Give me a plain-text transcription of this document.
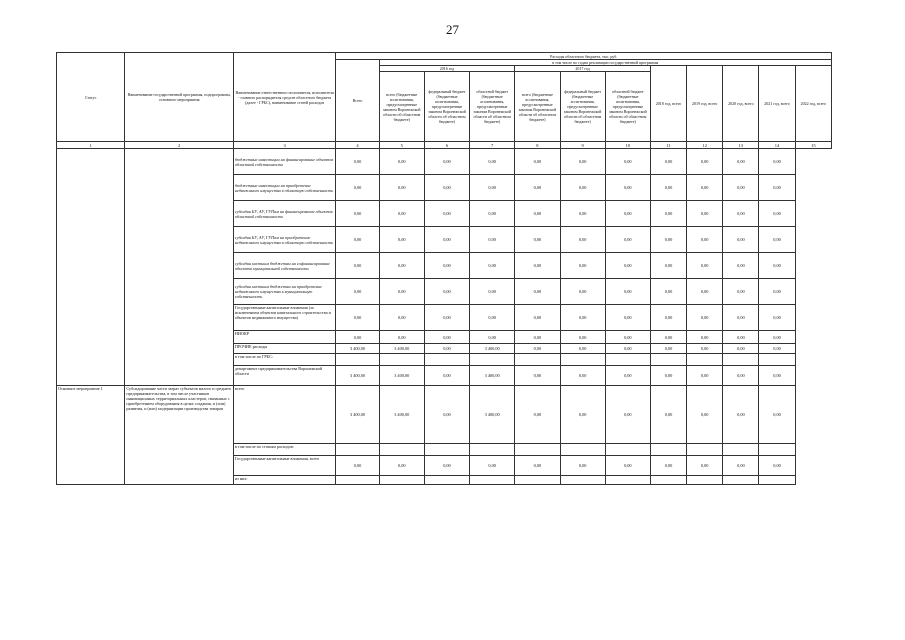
27
Статус	Наименование государственной программы, подпрограммы, основного мероприятия	Наименование ответственного исполнителя, исполнителя - главного распорядителя средств областного бюджета (далее - ГРБС), наименование статей расходов	Расходы областного бюджета, тыс. руб.											
			Всего	в том числе по годам реализации государственной программы										
				2016 год			2017 год			2018 год, всего	2019 год, всего	2020 год, всего	2021 год, всего	2022 год, всего
				всего (бюджетные ассигнования, предусмотренные законом Воронежской области об областном бюджете)	федеральный бюджет (бюджетные ассигнования, предусмотренные законом Воронежской области об областном бюджете)	областной бюджет (бюджетные ассигнования, предусмотренные законом Воронежской области об областном бюджете)	всего (бюджетные ассигнования, предусмотренные законом Воронежской области об областном бюджете)	федеральный бюджет (бюджетные ассигнования, предусмотренные законом Воронежской области об областном бюджете)	областной бюджет (бюджетные ассигнования, предусмотренные законом Воронежской области об областном бюджете)					
1	2	3	4	5	6	7	8	9	10	11	12	13	14	15
		бюджетные инвестиции на финансирование объектов областной собственности	0,00	0,00	0,00	0,00	0,00	0,00	0,00	0,00	0,00	0,00	0,00	
		бюджетные инвестиции на приобретение недвижимого имущества в областную собственность	0,00	0,00	0,00	0,00	0,00	0,00	0,00	0,00	0,00	0,00	0,00	
		субсидии БУ, АУ, ГУПам на финансирование объектов областной собственности	0,00	0,00	0,00	0,00	0,00	0,00	0,00	0,00	0,00	0,00	0,00	
		субсидии БУ, АУ, ГУПам на приобретение недвижимого имущества в областную собственность	0,00	0,00	0,00	0,00	0,00	0,00	0,00	0,00	0,00	0,00	0,00	
		субсидии местным бюджетам на софинансирование объектов муниципальной собственности	0,00	0,00	0,00	0,00	0,00	0,00	0,00	0,00	0,00	0,00	0,00	
		субсидии местным бюджетам на приобретение недвижимого имущества в муниципальную собственность	0,00	0,00	0,00	0,00	0,00	0,00	0,00	0,00	0,00	0,00	0,00	
		Государственные капитальные вложения (за исключением объектов капитального строительства и объектов недвижимого имущества)	0,00	0,00	0,00	0,00	0,00	0,00	0,00	0,00	0,00	0,00	0,00	
		НИОКР	0,00	0,00	0,00	0,00	0,00	0,00	0,00	0,00	0,00	0,00	0,00	
		ПРОЧИЕ расходы	3 400,00	3 400,00	0,00	3 400,00	0,00	0,00	0,00	0,00	0,00	0,00	0,00	
		в том числе по ГРБС:												
		департамент предпринимательства Воронежской области	3 400,00	3 400,00	0,00	3 400,00	0,00	0,00	0,00	0,00	0,00	0,00	0,00	
Основное мероприятие 1	Субсидирование части затрат субъектов малого и среднего предпринимательства, в том числе участников инновационных территориальных кластеров, связанных с приобретением оборудования в целях создания, и (или) развития, и (или) модернизации производства товаров	всего	3 400,00	3 400,00	0,00	3 400,00	0,00	0,00	0,00	0,00	0,00	0,00	0,00	
		в том числе по статьям расходов:												
		Государственные капитальные вложения, всего	0,00	0,00	0,00	0,00	0,00	0,00	0,00	0,00	0,00	0,00	0,00	
		из них:												
